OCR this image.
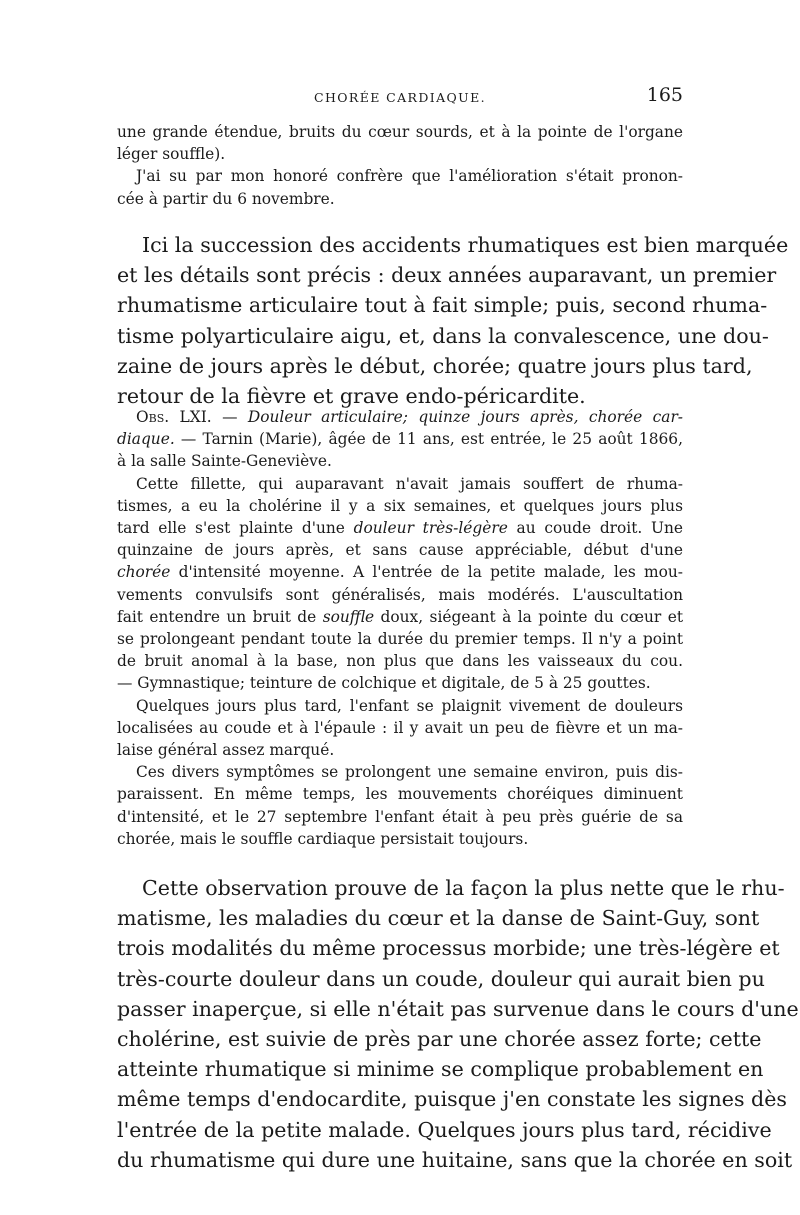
CHORÉE CARDIAQUE.	165
une grande étendue, bruits du cœur sourds, et à la pointe de l'organe
léger souffle).
J'ai su par mon honoré confrère que l'amélioration s'était pronon-
cée à partir du 6 novembre.
Ici la succession des accidents rhumatiques est bien marquée
et les détails sont précis : deux années auparavant, un premier
rhumatisme articulaire tout à fait simple; puis, second rhuma-
tisme polyarticulaire aigu, et, dans la convalescence, une dou-
zaine de jours après le début, chorée; quatre jours plus tard,
retour de la fièvre et grave endo-péricardite.
Obs. LXI. — Douleur articulaire; quinze jours après, chorée car-
diaque. — Tarnin (Marie), âgée de 11 ans, est entrée, le 25 août 1866,
à la salle Sainte-Geneviève.
Cette fillette, qui auparavant n'avait jamais souffert de rhuma-
tismes, a eu la cholérine il y a six semaines, et quelques jours plus
tard elle s'est plainte d'une douleur très-légère au coude droit. Une
quinzaine de jours après, et sans cause appréciable, début d'une
chorée d'intensité moyenne. A l'entrée de la petite malade, les mou-
vements convulsifs sont généralisés, mais modérés. L'auscultation
fait entendre un bruit de souffle doux, siégeant à la pointe du cœur et
se prolongeant pendant toute la durée du premier temps. Il n'y a point
de bruit anomal à la base, non plus que dans les vaisseaux du cou.
— Gymnastique; teinture de colchique et digitale, de 5 à 25 gouttes.
Quelques jours plus tard, l'enfant se plaignit vivement de douleurs
localisées au coude et à l'épaule : il y avait un peu de fièvre et un ma-
laise général assez marqué.
Ces divers symptômes se prolongent une semaine environ, puis dis-
paraissent. En même temps, les mouvements choréiques diminuent
d'intensité, et le 27 septembre l'enfant était à peu près guérie de sa
chorée, mais le souffle cardiaque persistait toujours.
Cette observation prouve de la façon la plus nette que le rhu-
matisme, les maladies du cœur et la danse de Saint-Guy, sont
trois modalités du même processus morbide; une très-légère et
très-courte douleur dans un coude, douleur qui aurait bien pu
passer inaperçue, si elle n'était pas survenue dans le cours d'une
cholérine, est suivie de près par une chorée assez forte; cette
atteinte rhumatique si minime se complique probablement en
même temps d'endocardite, puisque j'en constate les signes dès
l'entrée de la petite malade. Quelques jours plus tard, récidive
du rhumatisme qui dure une huitaine, sans que la chorée en soit
